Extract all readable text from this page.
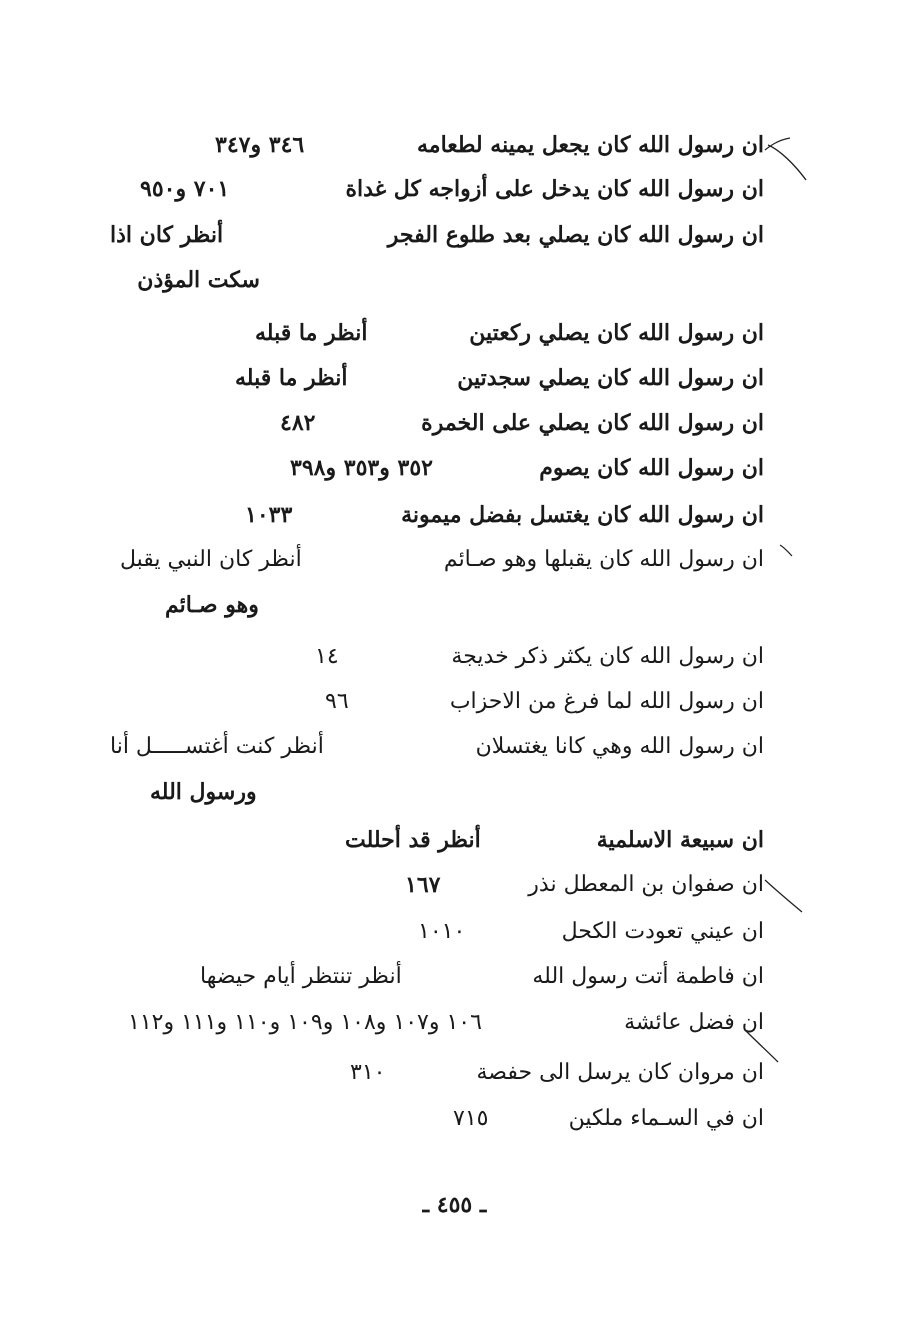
ان رسول الله كان يجعل يمينه لطعامه
٣٤٦ و٣٤٧
ان رسول الله كان يدخل على أزواجه كل غداة
٧٠١ و٩٥٠
ان رسول الله كان يصلي بعد طلوع الفجر
أنظر كان اذا
سكت المؤذن
ان رسول الله كان يصلي ركعتين
أنظر ما قبله
ان رسول الله كان يصلي سجدتين
أنظر ما قبله
ان رسول الله كان يصلي على الخمرة
٤٨٢
ان رسول الله كان يصوم
٣٥٢ و٣٥٣ و٣٩٨
ان رسول الله كان يغتسل بفضل ميمونة
١٠٣٣
ان رسول الله كان يقبلها وهو صـائم
أنظر كان النبي يقبل
وهو صـائم
ان رسول الله كان يكثر ذكر خديجة
١٤
ان رسول الله لما فرغ من الاحزاب
٩٦
ان رسول الله وهي كانا يغتسلان
أنظر كنت أغتســـــل أنا
ورسول الله
ان سبيعة الاسلمية
أنظر قد أحللت
ان صفوان بن المعطل نذر
١٦٧
ان عيني تعودت الكحل
١٠١٠
ان فاطمة أتت رسول الله
أنظر تنتظر أيام حيضها
ان فضل عائشة
١٠٦ و١٠٧ و١٠٨ و١٠٩ و١١٠ و١١١ و١١٢
ان مروان كان يرسل الى حفصة
٣١٠
ان في السـماء ملكين
٧١٥
ـ ٤٥٥ ـ
